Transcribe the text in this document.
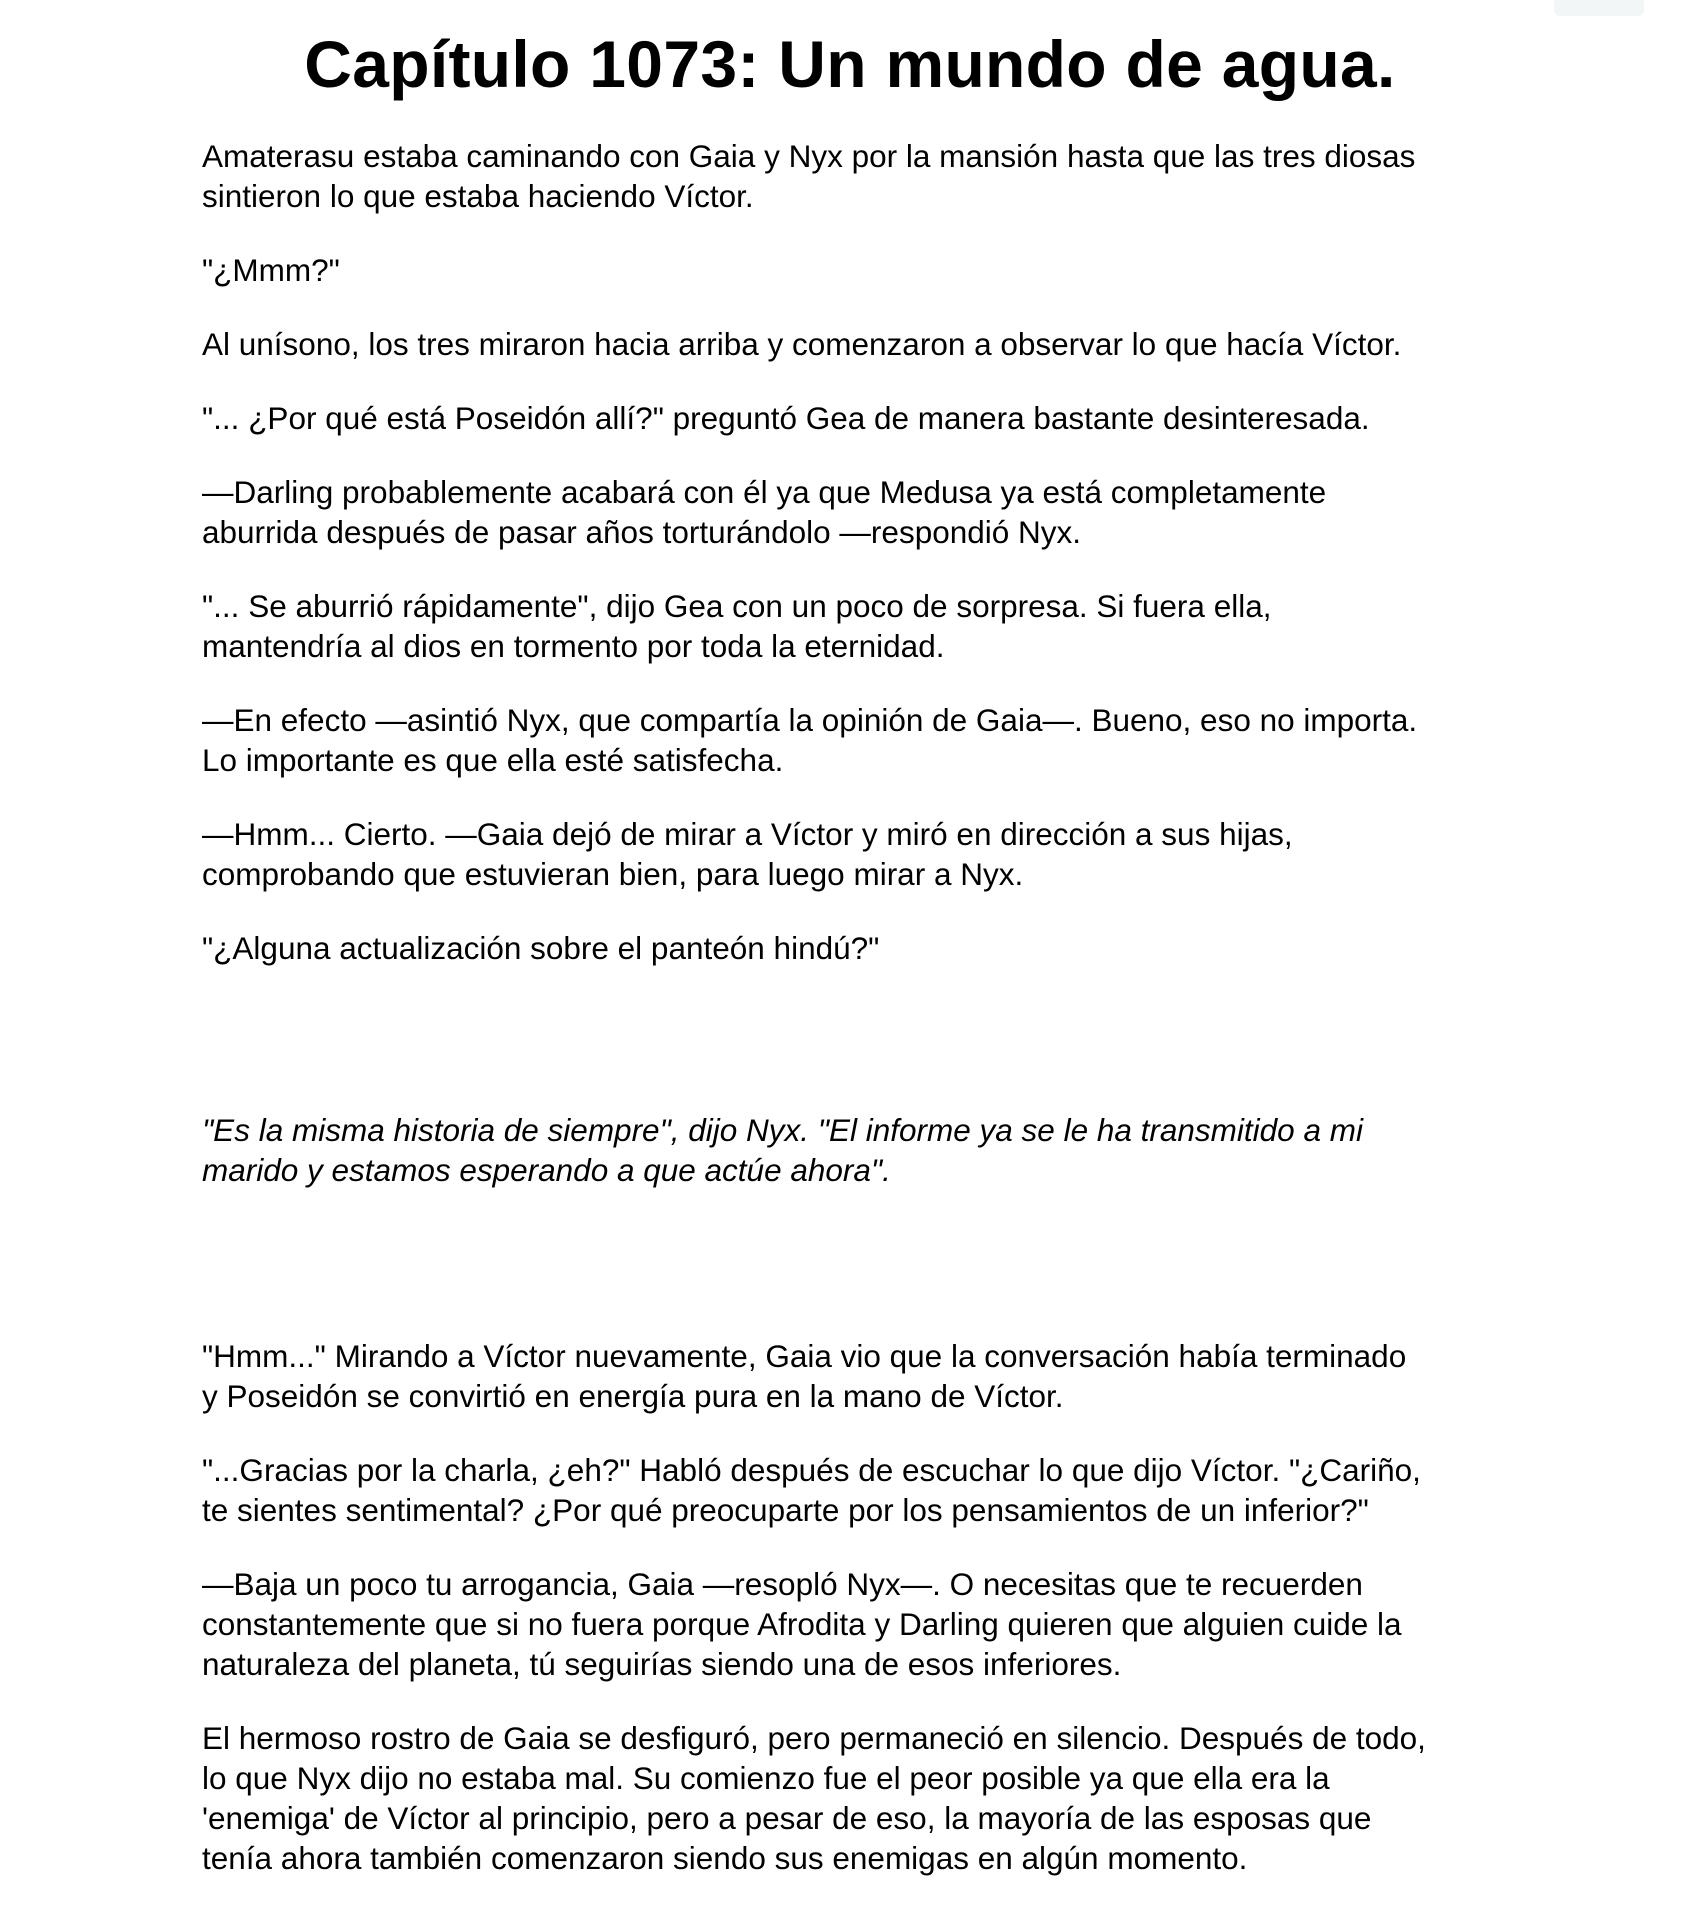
Capítulo 1073: Un mundo de agua.

Amaterasu estaba caminando con Gaia y Nyx por la mansión hasta que las tres diosas
sintieron lo que estaba haciendo Víctor.

"¿Mmm?"

Al unísono, los tres miraron hacia arriba y comenzaron a observar lo que hacía Víctor.

"... ¿Por qué está Poseidón allí?" preguntó Gea de manera bastante desinteresada.

—Darling probablemente acabará con él ya que Medusa ya está completamente
aburrida después de pasar años torturándolo —respondió Nyx.

"... Se aburrió rápidamente", dijo Gea con un poco de sorpresa. Si fuera ella,
mantendría al dios en tormento por toda la eternidad.

—En efecto —asintió Nyx, que compartía la opinión de Gaia—. Bueno, eso no importa.
Lo importante es que ella esté satisfecha.

—Hmm... Cierto. —Gaia dejó de mirar a Víctor y miró en dirección a sus hijas,
comprobando que estuvieran bien, para luego mirar a Nyx.

"¿Alguna actualización sobre el panteón hindú?"

"Es la misma historia de siempre", dijo Nyx. "El informe ya se le ha transmitido a mi
marido y estamos esperando a que actúe ahora".

"Hmm..." Mirando a Víctor nuevamente, Gaia vio que la conversación había terminado
y Poseidón se convirtió en energía pura en la mano de Víctor.

"...Gracias por la charla, ¿eh?" Habló después de escuchar lo que dijo Víctor. "¿Cariño,
te sientes sentimental? ¿Por qué preocuparte por los pensamientos de un inferior?"

—Baja un poco tu arrogancia, Gaia —resopló Nyx—. O necesitas que te recuerden
constantemente que si no fuera porque Afrodita y Darling quieren que alguien cuide la
naturaleza del planeta, tú seguirías siendo una de esos inferiores.

El hermoso rostro de Gaia se desfiguró, pero permaneció en silencio. Después de todo,
lo que Nyx dijo no estaba mal. Su comienzo fue el peor posible ya que ella era la
'enemiga' de Víctor al principio, pero a pesar de eso, la mayoría de las esposas que
tenía ahora también comenzaron siendo sus enemigas en algún momento.
